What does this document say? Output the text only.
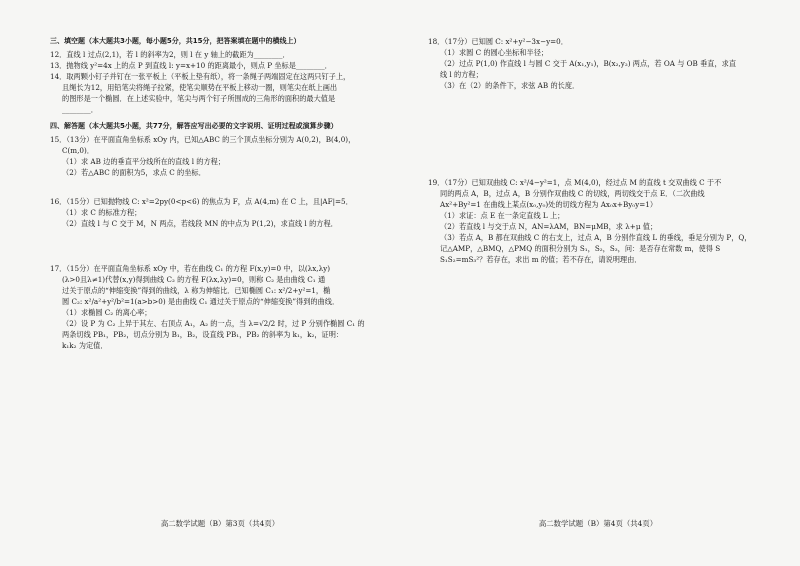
三、填空题（本大题共3小题，每小题5分，共15分，把答案填在题中的横线上）

12．直线 l 过点(2,1)，若 l 的斜率为2，则 l 在 y 轴上的截距为________．

13．抛物线 y²=4x 上的点 P 到直线 l: y=x+10 的距离最小，则点 P 坐标是________．

14．取两颗小钉子并钉在一张平板上（平板上垫有纸），将一条绳子两端固定在这两只钉子上，

且绳长为12，用铅笔尖将绳子拉紧，使笔尖顺势在平板上移动一圈，则笔尖在纸上画出

的图形是一个椭圆．在上述实验中，笔尖与两个钉子所围成的三角形的面积的最大值是

________．

四、解答题（本大题共5小题，共77分，解答应写出必要的文字说明、证明过程或演算步骤）

15．（13分）在平面直角坐标系 xOy 内，已知△ABC 的三个顶点坐标分别为 A(0,2)，B(4,0)，

C(m,0)．

（1）求 AB 边的垂直平分线所在的直线 l 的方程；

（2）若△ABC 的面积为5，求点 C 的坐标．

16．（15分）已知抛物线 C: x²=2py(0<p<6) 的焦点为 F，点 A(4,m) 在 C 上，且|AF|=5．

（1）求 C 的标准方程；

（2）直线 l 与 C 交于 M，N 两点，若线段 MN 的中点为 P(1,2)，求直线 l 的方程．

17．（15分）在平面直角坐标系 xOy 中，若在曲线 C₁ 的方程 F(x,y)=0 中，以(λx,λy)

(λ>0且λ≠1)代替(x,y)得到曲线 C₂ 的方程 F(λx,λy)=0，则称 C₂ 是由曲线 C₁ 通

过关于原点的“伸缩变换”得到的曲线，λ 称为伸缩比．已知椭圆 C₁: x²/2+y²=1，椭

圆 C₂: x²/a²+y²/b²=1(a>b>0) 是由曲线 C₁ 通过关于原点的“伸缩变换”得到的曲线．

（1）求椭圆 C₂ 的离心率；

（2）设 P 为 C₂ 上异于其左、右顶点 A₁，A₂ 的一点，当 λ=√2/2 时，过 P 分别作椭圆 C₁ 的

两条切线 PB₁，PB₂，切点分别为 B₁，B₂，设直线 PB₁，PB₂ 的斜率为 k₁，k₂，证明：

k₁k₂ 为定值．

18．（17分）已知圆 C: x²+y²−3x−y=0．

（1）求圆 C 的圆心坐标和半径；

（2）过点 P(1,0) 作直线 l 与圆 C 交于 A(x₁,y₁)，B(x₂,y₂) 两点，若 OA 与 OB 垂直，求直

线 l 的方程；

（3）在（2）的条件下，求弦 AB 的长度．

19．（17分）已知双曲线 C: x²/4−y²=1，点 M(4,0)，经过点 M 的直线 t 交双曲线 C 于不

同的两点 A，B，过点 A，B 分别作双曲线 C 的切线，两切线交于点 E．（二次曲线

Ax²+By²=1 在曲线上某点(x₀,y₀)处的切线方程为 Ax₀x+By₀y=1）

（1）求证：点 E 在一条定直线 L 上；

（2）若直线 l 与交于点 N，AN=λAM，BN=μMB，求 λ+μ 值；

（3）若点 A，B 都在双曲线 C 的右支上，过点 A，B 分别作直线 L 的垂线，垂足分别为 P，Q，

记△AMP，△BMQ，△PMQ 的面积分别为 S₁，S₂，S₃，问：是否存在常数 m，使得 S

S₁S₂=mS₃²？若存在，求出 m 的值；若不存在，请说明理由．

高二数学试题（B）第3页（共4页）	高二数学试题（B）第4页（共4页）
